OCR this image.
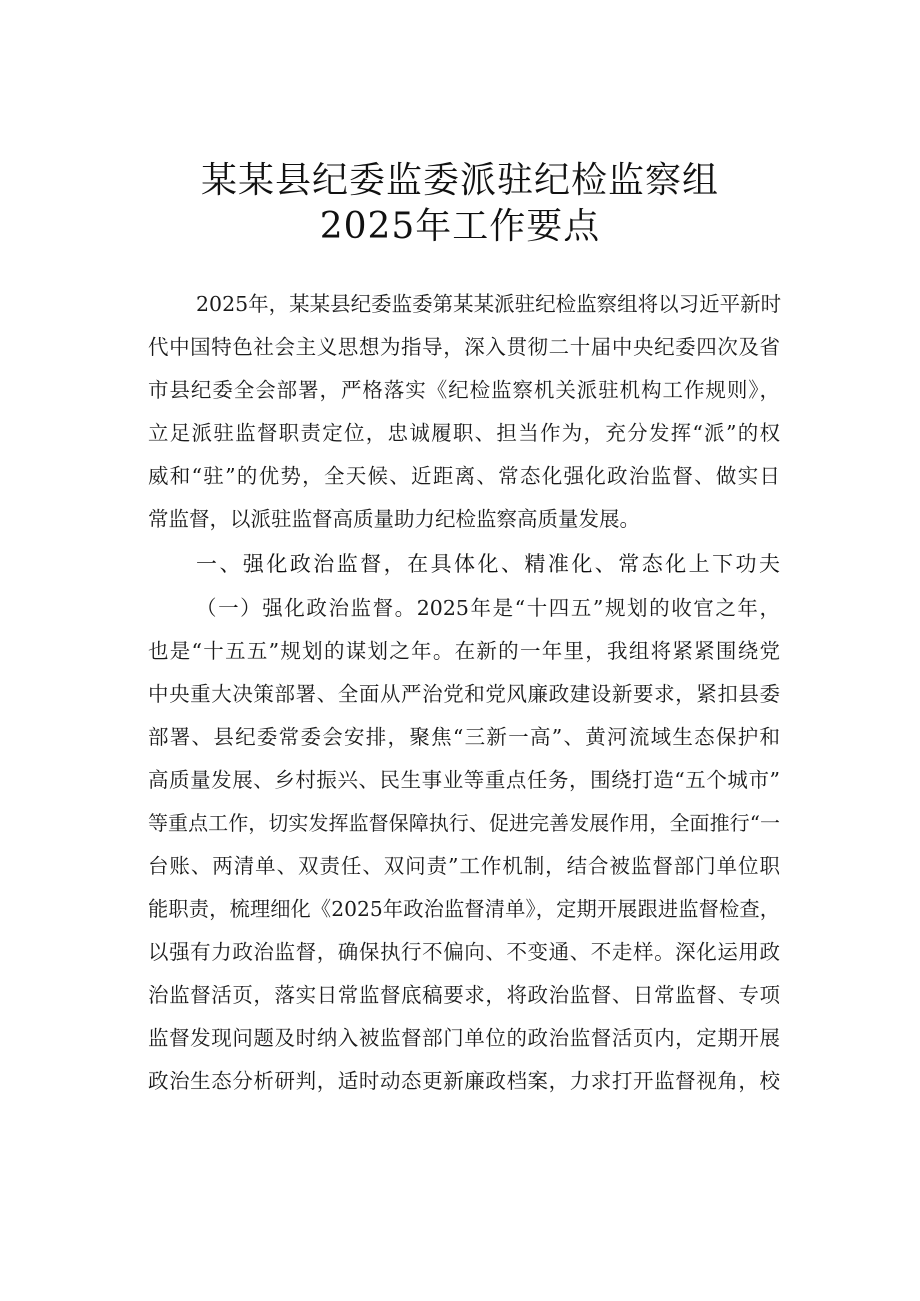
某某县纪委监委派驻纪检监察组
2025年工作要点
2025年，某某县纪委监委第某某派驻纪检监察组将以习近平新时
代中国特色社会主义思想为指导，深入贯彻二十届中央纪委四次及省
市县纪委全会部署，严格落实《纪检监察机关派驻机构工作规则》，
立足派驻监督职责定位，忠诚履职、担当作为，充分发挥“派”的权
威和“驻”的优势，全天候、近距离、常态化强化政治监督、做实日
常监督，以派驻监督高质量助力纪检监察高质量发展。
一、强化政治监督，在具体化、精准化、常态化上下功夫
（一）强化政治监督。2025年是“十四五”规划的收官之年，
也是“十五五”规划的谋划之年。在新的一年里，我组将紧紧围绕党
中央重大决策部署、全面从严治党和党风廉政建设新要求，紧扣县委
部署、县纪委常委会安排，聚焦“三新一高”、黄河流域生态保护和
高质量发展、乡村振兴、民生事业等重点任务，围绕打造“五个城市”
等重点工作，切实发挥监督保障执行、促进完善发展作用，全面推行“一
台账、两清单、双责任、双问责”工作机制，结合被监督部门单位职
能职责，梳理细化《2025年政治监督清单》，定期开展跟进监督检查，
以强有力政治监督，确保执行不偏向、不变通、不走样。深化运用政
治监督活页，落实日常监督底稿要求，将政治监督、日常监督、专项
监督发现问题及时纳入被监督部门单位的政治监督活页内，定期开展
政治生态分析研判，适时动态更新廉政档案，力求打开监督视角，校
